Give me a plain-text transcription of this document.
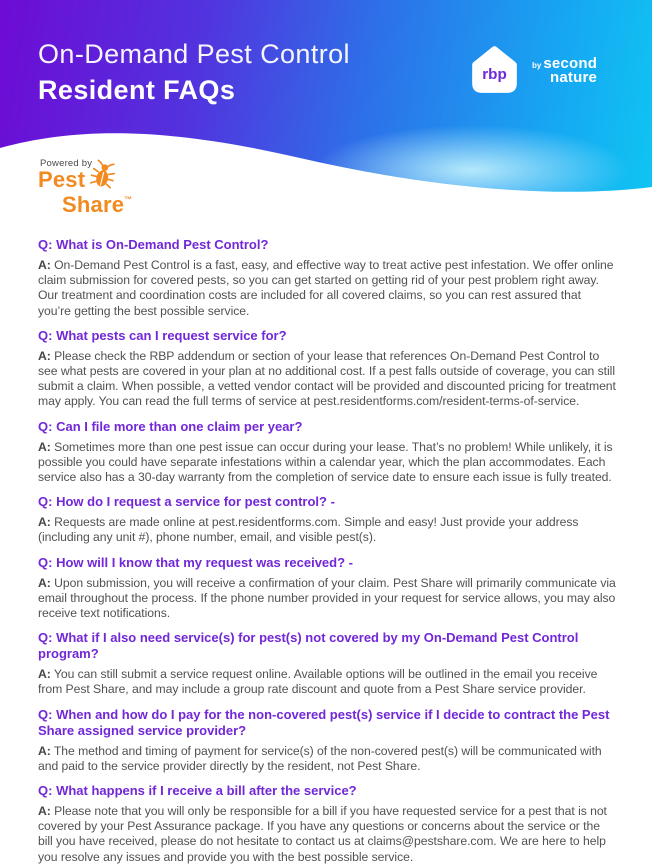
On-Demand Pest Control
Resident FAQs
rbp
by second
nature
Powered by
Pest
Share™
Q: What is On-Demand Pest Control?

A: On-Demand Pest Control is a fast, easy, and effective way to treat active pest infestation. We offer online claim submission for covered pests, so you can get started on getting rid of your pest problem right away. Our treatment and coordination costs are included for all covered claims, so you can rest assured that you’re getting the best possible service.

Q: What pests can I request service for?

A: Please check the RBP addendum or section of your lease that references On-Demand Pest Control to see what pests are covered in your plan at no additional cost. If a pest falls outside of coverage, you can still submit a claim. When possible, a vetted vendor contact will be provided and discounted pricing for treatment may apply. You can read the full terms of service at pest.residentforms.com/resident-terms-of-service.

Q: Can I file more than one claim per year?

A: Sometimes more than one pest issue can occur during your lease. That’s no problem! While unlikely, it is possible you could have separate infestations within a calendar year, which the plan accommodates. Each service also has a 30-day warranty from the completion of service date to ensure each issue is fully treated.

Q: How do I request a service for pest control? -

A: Requests are made online at pest.residentforms.com. Simple and easy! Just provide your address (including any unit #), phone number, email, and visible pest(s).

Q: How will I know that my request was received? -

A: Upon submission, you will receive a confirmation of your claim. Pest Share will primarily communicate via email throughout the process. If the phone number provided in your request for service allows, you may also receive text notifications.

Q: What if I also need service(s) for pest(s) not covered by my On-Demand Pest Control program?

A: You can still submit a service request online. Available options will be outlined in the email you receive from Pest Share, and may include a group rate discount and quote from a Pest Share service provider.

Q: When and how do I pay for the non-covered pest(s) service if I decide to contract the Pest Share assigned service provider?

A: The method and timing of payment for service(s) of the non-covered pest(s) will be communicated with and paid to the service provider directly by the resident, not Pest Share.

Q: What happens if I receive a bill after the service?

A: Please note that you will only be responsible for a bill if you have requested service for a pest that is not covered by your Pest Assurance package. If you have any questions or concerns about the service or the bill you have received, please do not hesitate to contact us at claims@pestshare.com. We are here to help you resolve any issues and provide you with the best possible service.
